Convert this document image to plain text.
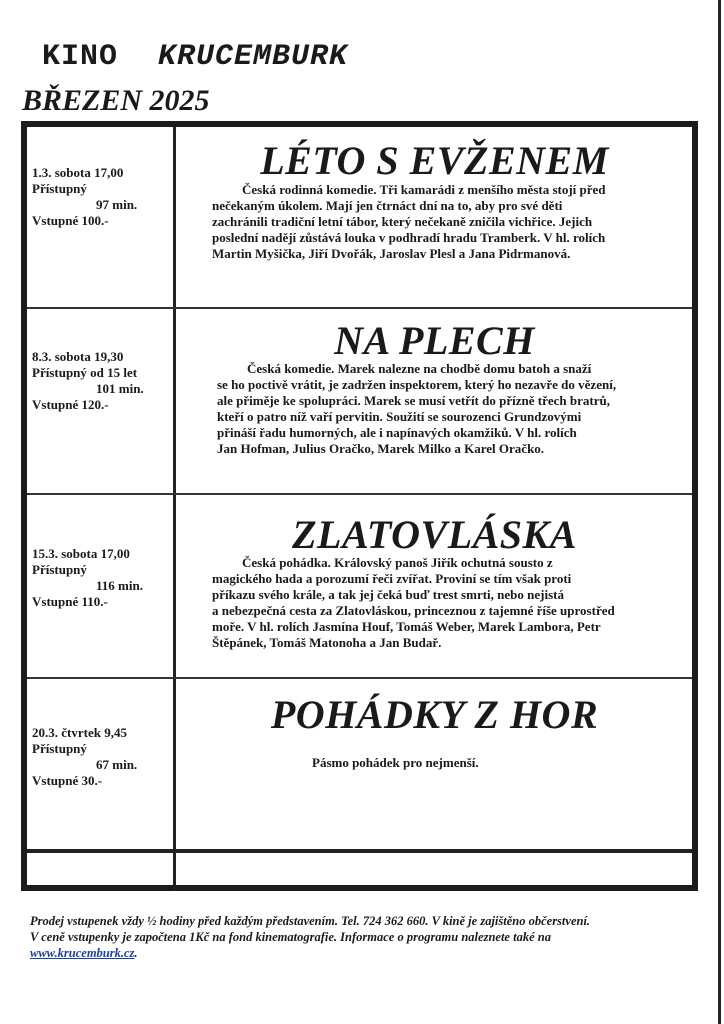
KINO KRUCEMBURK
BŘEZEN 2025
1.3. sobota 17,00
Přístupný

97 min.
Vstupné 100.-
LÉTO S EVŽENEM
Česká rodinná komedie. Tři kamarádi z menšího města stojí před
nečekaným úkolem. Mají jen čtrnáct dní na to, aby pro své děti
zachránili tradiční letní tábor, který nečekaně zničila vichřice. Jejich
poslední nadějí zůstává louka v podhradí hradu Tramberk. V hl. rolích
Martin Myšička, Jiří Dvořák, Jaroslav Plesl a Jana Pidrmanová.
8.3. sobota 19,30
Přístupný od 15 let

101 min.
Vstupné 120.-
NA PLECH
Česká komedie. Marek nalezne na chodbě domu batoh a snaží
se ho poctivě vrátit, je zadržen inspektorem, který ho nezavře do vězení,
ale přiměje ke spolupráci. Marek se musí vetřít do přízně třech bratrů,
kteří o patro níž vaří pervitin. Soužití se sourozenci Grundzovými
přináší řadu humorných, ale i napínavých okamžiků. V hl. rolích
Jan Hofman, Julius Oračko, Marek Milko a Karel Oračko.
15.3. sobota 17,00
Přístupný

116 min.
Vstupné 110.-
ZLATOVLÁSKA
Česká pohádka. Královský panoš Jiřík ochutná sousto z
magického hada a porozumí řeči zvířat. Proviní se tím však proti
příkazu svého krále, a tak jej čeká buď trest smrti, nebo nejistá
a nebezpečná cesta za Zlatovláskou, princeznou z tajemné říše uprostřed
moře. V hl. rolích Jasmína Houf, Tomáš Weber, Marek Lambora, Petr
Štěpánek, Tomáš Matonoha a Jan Budař.
20.3. čtvrtek 9,45
Přístupný

67 min.
Vstupné 30.-
POHÁDKY Z HOR
Pásmo pohádek pro nejmenší.
Prodej vstupenek vždy ½ hodiny před každým představením. Tel. 724 362 660. V kině je zajištěno občerstvení.
V ceně vstupenky je započtena 1Kč na fond kinematografie. Informace o programu naleznete také na
www.krucemburk.cz.
